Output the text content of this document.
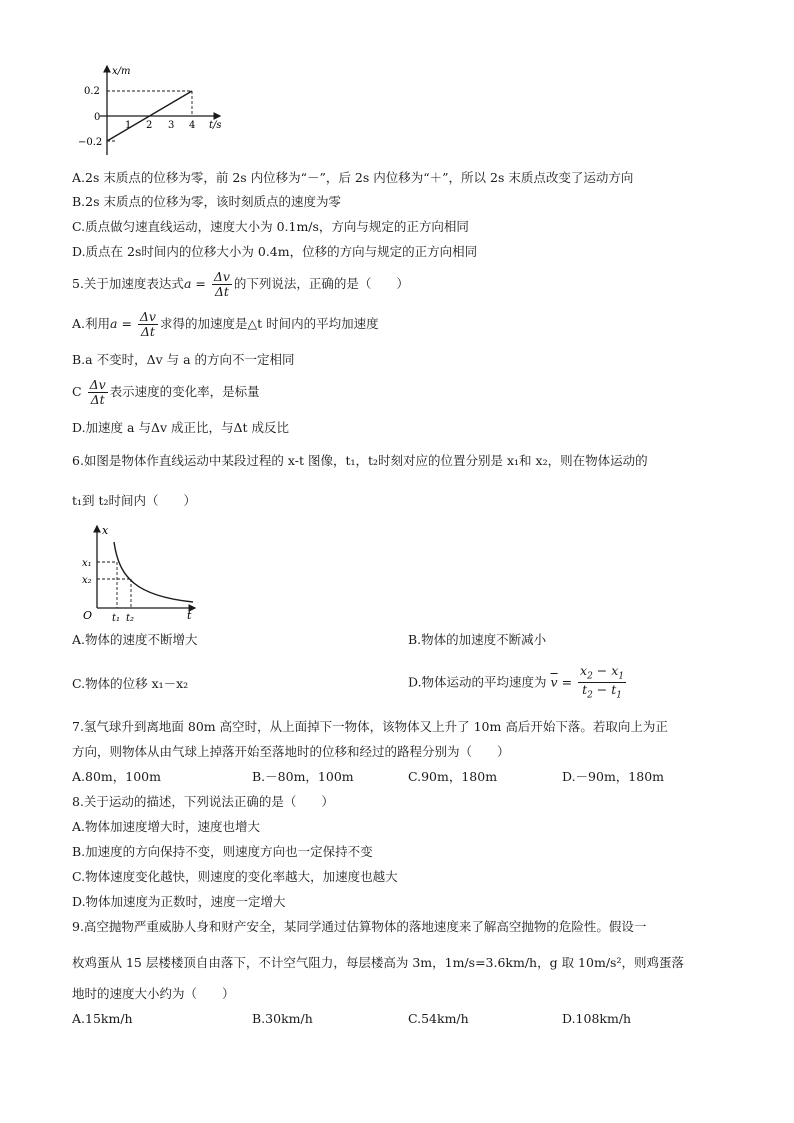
x/m
0.2
0
−0.2
1 2 3 4 t/s
A.2s 末质点的位移为零，前 2s 内位移为“－”，后 2s 内位移为“＋”，所以 2s 末质点改变了运动方向
B.2s 末质点的位移为零，该时刻质点的速度为零
C.质点做匀速直线运动，速度大小为 0.1m/s，方向与规定的正方向相同
D.质点在 2s时间内的位移大小为 0.4m，位移的方向与规定的正方向相同
5.关于加速度表达式$a = \frac{\Delta v}{\Delta t}$ 的下列说法，正确的是（　　）
A.利用$a = \frac{\Delta v}{\Delta t}$ 求得的加速度是△t 时间内的平均加速度
B.a 不变时，Δv 与 a 的方向不一定相同
C $\frac{\Delta v}{\Delta t}$ 表示速度的变化率，是标量
D.加速度 a 与Δv 成正比，与Δt 成反比
6.如图是物体作直线运动中某段过程的 x-t 图像，t₁，t₂时刻对应的位置分别是 x₁和 x₂，则在物体运动的
t₁到 t₂时间内（　　）
x
x₁
x₂
O t₁ t₂	t
A.物体的速度不断增大	B.物体的加速度不断减小
C.物体的位移 x₁－x₂	D.物体运动的平均速度为 $\overline{v} = \frac{x_2 - x_1}{t_2 - t_1}$
7.氢气球升到离地面 80m 高空时，从上面掉下一物体，该物体又上升了 10m 高后开始下落。若取向上为正
方向，则物体从由气球上掉落开始至落地时的位移和经过的路程分别为（　　）
A.80m，100m	B.－80m，100m	C.90m，180m	D.－90m，180m
8.关于运动的描述，下列说法正确的是（　　）
A.物体加速度增大时，速度也增大
B.加速度的方向保持不变，则速度方向也一定保持不变
C.物体速度变化越快，则速度的变化率越大，加速度也越大
D.物体加速度为正数时，速度一定增大
9.高空抛物严重威胁人身和财产安全，某同学通过估算物体的落地速度来了解高空抛物的危险性。假设一
枚鸡蛋从 15 层楼楼顶自由落下，不计空气阻力，每层楼高为 3m，1m/s=3.6km/h，g 取 10m/s²，则鸡蛋落
地时的速度大小约为（　　）
A.15km/h	B.30km/h	C.54km/h	D.108km/h
